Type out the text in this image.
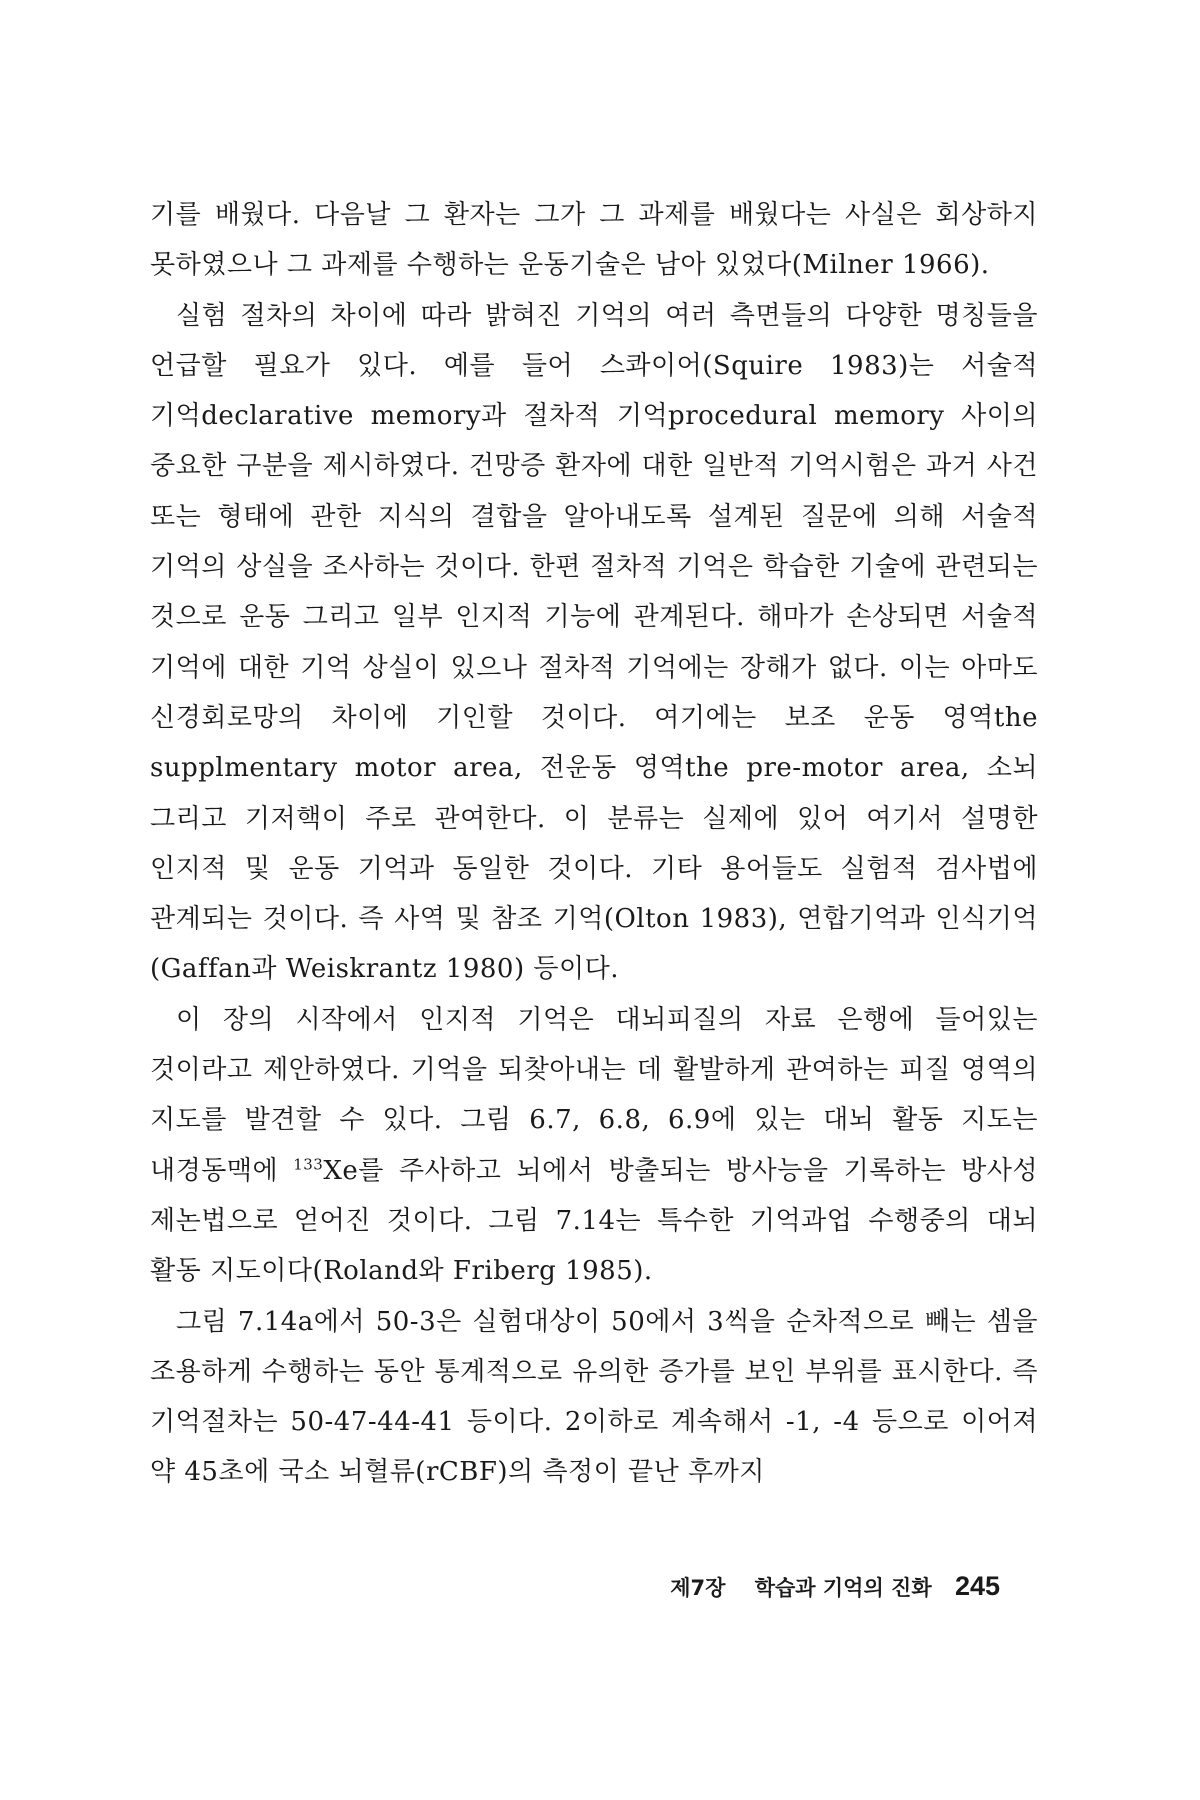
기를 배웠다. 다음날 그 환자는 그가 그 과제를 배웠다는 사실은 회상하지 못하였으나 그 과제를 수행하는 운동기술은 남아 있었다(Milner 1966).

실험 절차의 차이에 따라 밝혀진 기억의 여러 측면들의 다양한 명칭들을 언급할 필요가 있다. 예를 들어 스콰이어(Squire 1983)는 서술적 기억declarative memory과 절차적 기억procedural memory 사이의 중요한 구분을 제시하였다. 건망증 환자에 대한 일반적 기억시험은 과거 사건 또는 형태에 관한 지식의 결합을 알아내도록 설계된 질문에 의해 서술적 기억의 상실을 조사하는 것이다. 한편 절차적 기억은 학습한 기술에 관련되는 것으로 운동 그리고 일부 인지적 기능에 관계된다. 해마가 손상되면 서술적 기억에 대한 기억 상실이 있으나 절차적 기억에는 장해가 없다. 이는 아마도 신경회로망의 차이에 기인할 것이다. 여기에는 보조 운동 영역the supplmentary motor area, 전운동 영역the pre-motor area, 소뇌 그리고 기저핵이 주로 관여한다. 이 분류는 실제에 있어 여기서 설명한 인지적 및 운동 기억과 동일한 것이다. 기타 용어들도 실험적 검사법에 관계되는 것이다. 즉 사역 및 참조 기억(Olton 1983), 연합기억과 인식기억(Gaffan과 Weiskrantz 1980) 등이다.

이 장의 시작에서 인지적 기억은 대뇌피질의 자료 은행에 들어있는 것이라고 제안하였다. 기억을 되찾아내는 데 활발하게 관여하는 피질 영역의 지도를 발견할 수 있다. 그림 6.7, 6.8, 6.9에 있는 대뇌 활동 지도는 내경동맥에 $^{133}$Xe를 주사하고 뇌에서 방출되는 방사능을 기록하는 방사성 제논법으로 얻어진 것이다. 그림 7.14는 특수한 기억과업 수행중의 대뇌 활동 지도이다(Roland와 Friberg 1985).

그림 7.14a에서 50-3은 실험대상이 50에서 3씩을 순차적으로 빼는 셈을 조용하게 수행하는 동안 통계적으로 유의한 증가를 보인 부위를 표시한다. 즉 기억절차는 50-47-44-41 등이다. 2이하로 계속해서 -1, -4 등으로 이어져 약 45초에 국소 뇌혈류(rCBF)의 측정이 끝난 후까지

제7장 학습과 기억의 진화 245
